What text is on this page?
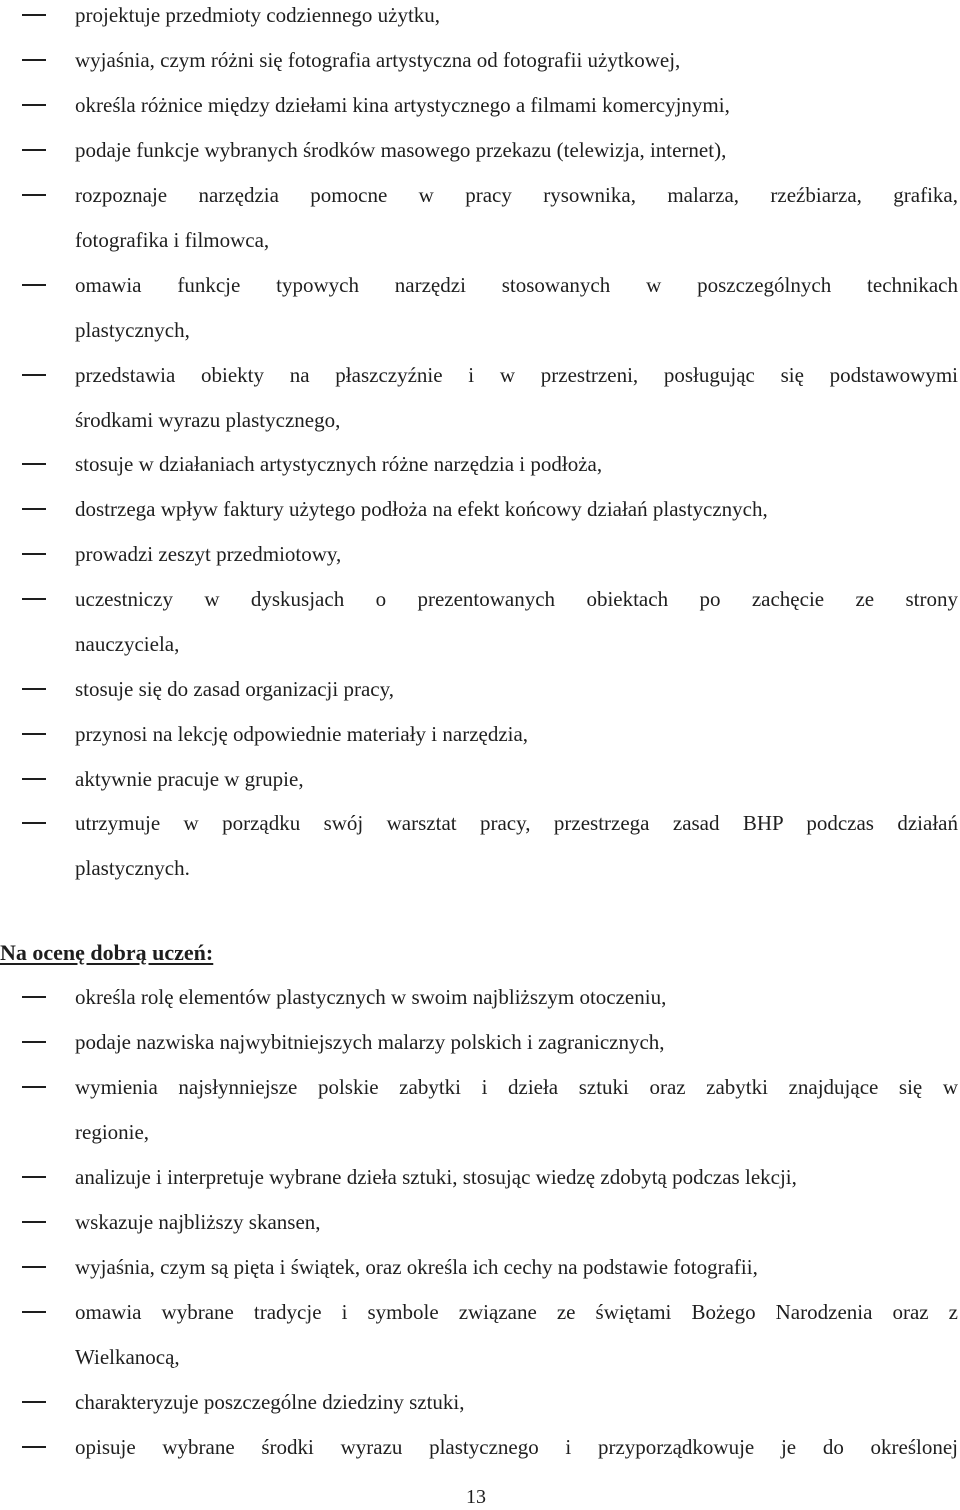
projektuje przedmioty codziennego użytku,
wyjaśnia, czym różni się fotografia artystyczna od fotografii użytkowej,
określa różnice między dziełami kina artystycznego a filmami komercyjnymi,
podaje funkcje wybranych środków masowego przekazu (telewizja, internet),
rozpoznaje narzędzia pomocne w pracy rysownika, malarza, rzeźbiarza, grafika,
fotografika i filmowca,
omawia funkcje typowych narzędzi stosowanych w poszczególnych technikach
plastycznych,
przedstawia obiekty na płaszczyźnie i w przestrzeni, posługując się podstawowymi
środkami wyrazu plastycznego,
stosuje w działaniach artystycznych różne narzędzia i podłoża,
dostrzega wpływ faktury użytego podłoża na efekt końcowy działań plastycznych,
prowadzi zeszyt przedmiotowy,
uczestniczy w dyskusjach o prezentowanych obiektach po zachęcie ze strony
nauczyciela,
stosuje się do zasad organizacji pracy,
przynosi na lekcję odpowiednie materiały i narzędzia,
aktywnie pracuje w grupie,
utrzymuje w porządku swój warsztat pracy, przestrzega zasad BHP podczas działań
plastycznych.
Na ocenę dobrą uczeń:
określa rolę elementów plastycznych w swoim najbliższym otoczeniu,
podaje nazwiska najwybitniejszych malarzy polskich i zagranicznych,
wymienia najsłynniejsze polskie zabytki i dzieła sztuki oraz zabytki znajdujące się w
regionie,
analizuje i interpretuje wybrane dzieła sztuki, stosując wiedzę zdobytą podczas lekcji,
wskazuje najbliższy skansen,
wyjaśnia, czym są pięta i świątek, oraz określa ich cechy na podstawie fotografii,
omawia wybrane tradycje i symbole związane ze świętami Bożego Narodzenia oraz z
Wielkanocą,
charakteryzuje poszczególne dziedziny sztuki,
opisuje wybrane środki wyrazu plastycznego i przyporządkowuje je do określonej
13
